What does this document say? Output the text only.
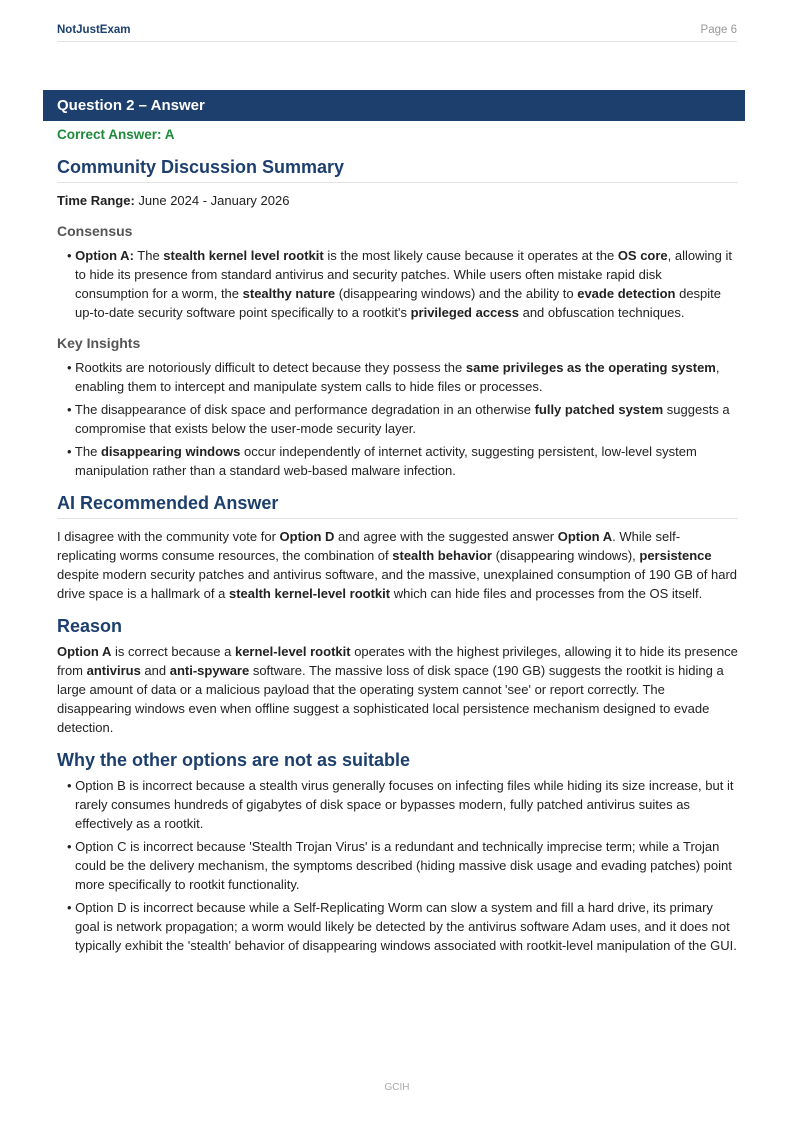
NotJustExam	Page 6
Question 2 – Answer

Correct Answer: A

Community Discussion Summary

Time Range: June 2024 - January 2026

Consensus

• Option A: The stealth kernel level rootkit is the most likely cause because it operates at the OS core, allowing it to hide its presence from standard antivirus and security patches. While users often mistake rapid disk consumption for a worm, the stealthy nature (disappearing windows) and the ability to evade detection despite up-to-date security software point specifically to a rootkit's privileged access and obfuscation techniques.

Key Insights

• Rootkits are notoriously difficult to detect because they possess the same privileges as the operating system, enabling them to intercept and manipulate system calls to hide files or processes.

• The disappearance of disk space and performance degradation in an otherwise fully patched system suggests a compromise that exists below the user-mode security layer.

• The disappearing windows occur independently of internet activity, suggesting persistent, low-level system manipulation rather than a standard web-based malware infection.

AI Recommended Answer

I disagree with the community vote for Option D and agree with the suggested answer Option A. While self-replicating worms consume resources, the combination of stealth behavior (disappearing windows), persistence despite modern security patches and antivirus software, and the massive, unexplained consumption of 190 GB of hard drive space is a hallmark of a stealth kernel-level rootkit which can hide files and processes from the OS itself.

Reason

Option A is correct because a kernel-level rootkit operates with the highest privileges, allowing it to hide its presence from antivirus and anti-spyware software. The massive loss of disk space (190 GB) suggests the rootkit is hiding a large amount of data or a malicious payload that the operating system cannot 'see' or report correctly. The disappearing windows even when offline suggest a sophisticated local persistence mechanism designed to evade detection.

Why the other options are not as suitable

• Option B is incorrect because a stealth virus generally focuses on infecting files while hiding its size increase, but it rarely consumes hundreds of gigabytes of disk space or bypasses modern, fully patched antivirus suites as effectively as a rootkit.

• Option C is incorrect because 'Stealth Trojan Virus' is a redundant and technically imprecise term; while a Trojan could be the delivery mechanism, the symptoms described (hiding massive disk usage and evading patches) point more specifically to rootkit functionality.

• Option D is incorrect because while a Self-Replicating Worm can slow a system and fill a hard drive, its primary goal is network propagation; a worm would likely be detected by the antivirus software Adam uses, and it does not typically exhibit the 'stealth' behavior of disappearing windows associated with rootkit-level manipulation of the GUI.

GCIH
